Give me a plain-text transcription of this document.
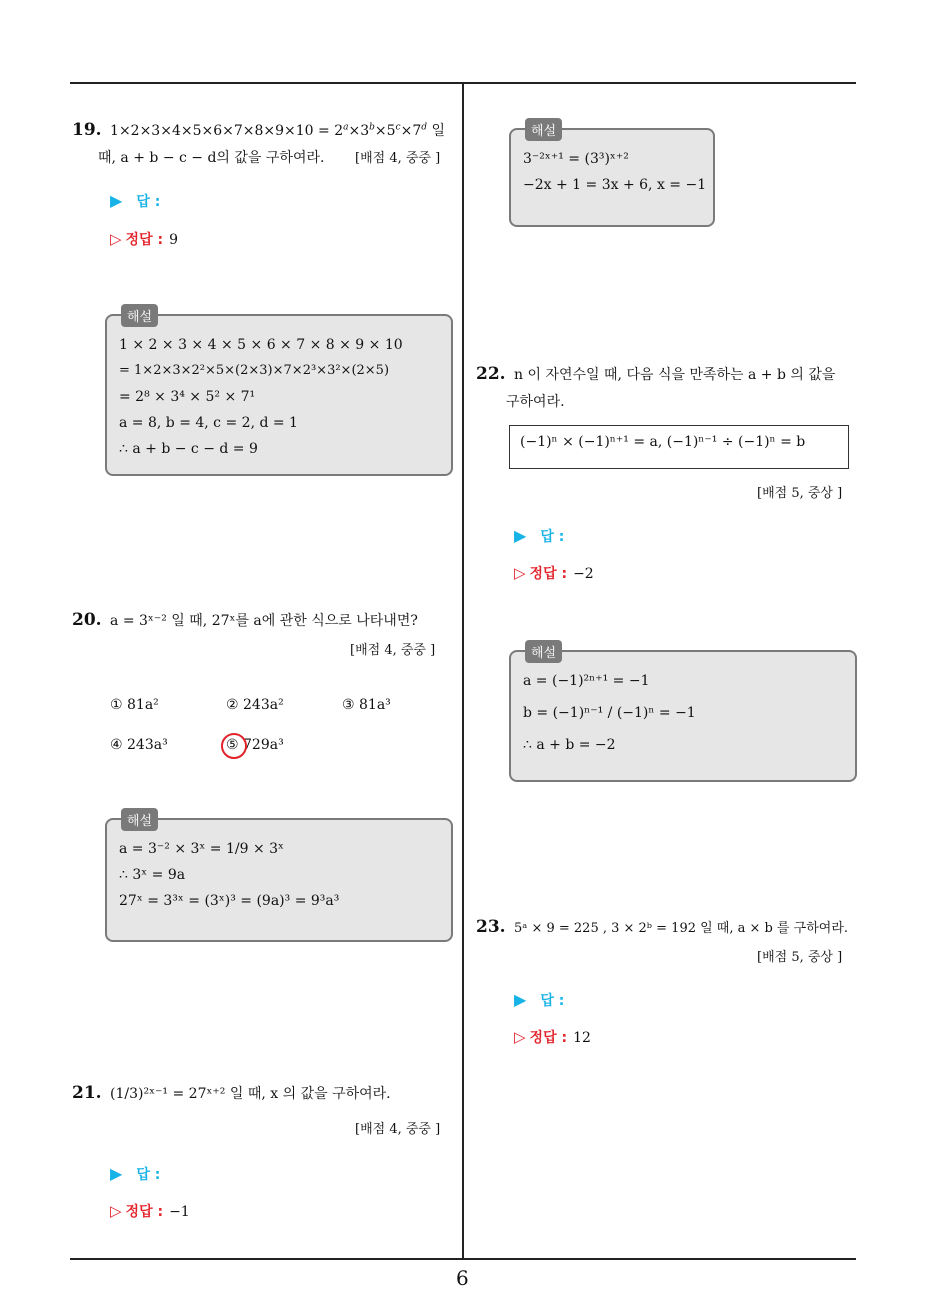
19. $1\times 2\times 3\times 4\times 5\times 6\times 7\times 8\times 9\times 10 = 2^a\times 3^b\times 5^c\times 7^d$ 일
때, a + b − c − d의 값을 구하여라.	[배점 4, 중중 ]
▶ 답 :
▷ 정답 : 9
해설
1 × 2 × 3 × 4 × 5 × 6 × 7 × 8 × 9 × 10
= 1×2×3×2²×5×(2×3)×7×2³×3²×(2×5)
= 2⁸ × 3⁴ × 5² × 7¹
a = 8, b = 4, c = 2, d = 1
∴ a + b − c − d = 9
20. a = 3ˣ⁻² 일 때, 27ˣ를 a에 관한 식으로 나타내면?
[배점 4, 중중 ]
① 81a²	② 243a²	③ 81a³
④ 243a³	⑤ 729a³
해설
a = 3⁻² × 3ˣ = 1/9 × 3ˣ
∴ 3ˣ = 9a
27ˣ = 3³ˣ = (3ˣ)³ = (9a)³ = 9³a³
21. (1/3)²ˣ⁻¹ = 27ˣ⁺² 일 때, x 의 값을 구하여라.
[배점 4, 중중 ]
▶ 답 :
▷ 정답 : −1
해설
3⁻²ˣ⁺¹ = (3³)ˣ⁺²
−2x + 1 = 3x + 6, x = −1
22. n 이 자연수일 때, 다음 식을 만족하는 a + b 의 값을
구하여라.
(−1)ⁿ × (−1)ⁿ⁺¹ = a, (−1)ⁿ⁻¹ ÷ (−1)ⁿ = b
[배점 5, 중상 ]
▶ 답 :
▷ 정답 : −2
해설
a = (−1)²ⁿ⁺¹ = −1
b = (−1)ⁿ⁻¹ / (−1)ⁿ = −1
∴ a + b = −2
23. 5ᵃ × 9 = 225 , 3 × 2ᵇ = 192 일 때, a × b 를 구하여라.
[배점 5, 중상 ]
▶ 답 :
▷ 정답 : 12
6
